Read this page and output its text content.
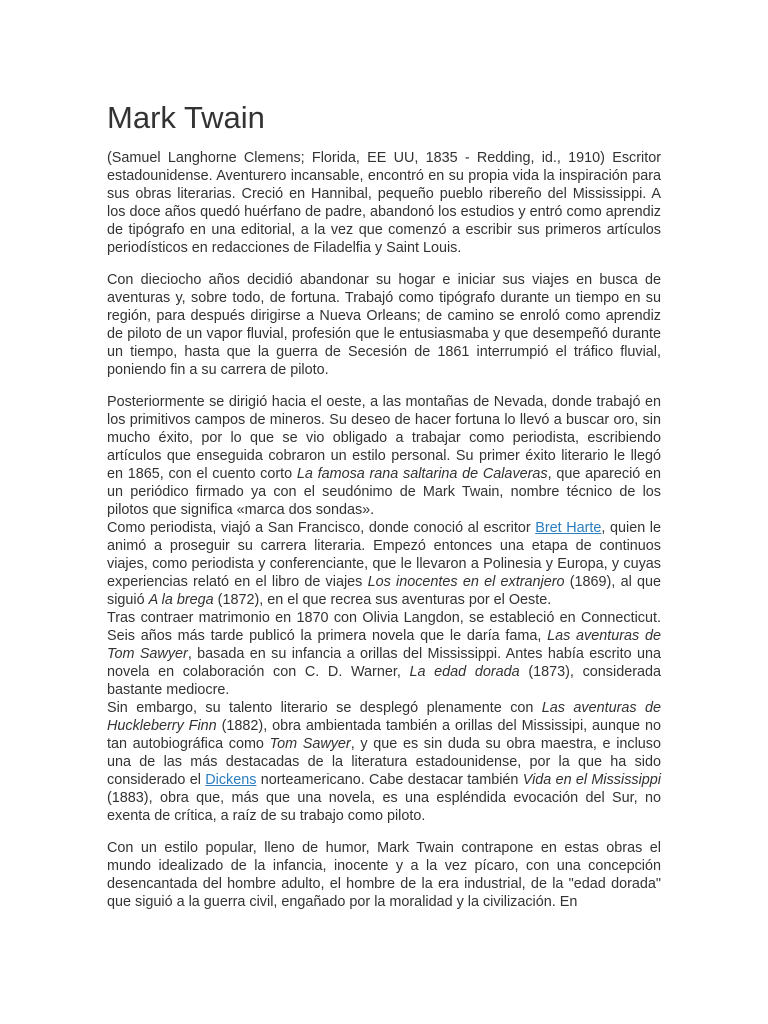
Mark Twain

(Samuel Langhorne Clemens; Florida, EE UU, 1835 - Redding, id., 1910) Escritor estadounidense. Aventurero incansable, encontró en su propia vida la inspiración para sus obras literarias. Creció en Hannibal, pequeño pueblo ribereño del Mississippi. A los doce años quedó huérfano de padre, abandonó los estudios y entró como aprendiz de tipógrafo en una editorial, a la vez que comenzó a escribir sus primeros artículos periodísticos en redacciones de Filadelfia y Saint Louis.

Con dieciocho años decidió abandonar su hogar e iniciar sus viajes en busca de aventuras y, sobre todo, de fortuna. Trabajó como tipógrafo durante un tiempo en su región, para después dirigirse a Nueva Orleans; de camino se enroló como aprendiz de piloto de un vapor fluvial, profesión que le entusiasmaba y que desempeñó durante un tiempo, hasta que la guerra de Secesión de 1861 interrumpió el tráfico fluvial, poniendo fin a su carrera de piloto.

Posteriormente se dirigió hacia el oeste, a las montañas de Nevada, donde trabajó en los primitivos campos de mineros. Su deseo de hacer fortuna lo llevó a buscar oro, sin mucho éxito, por lo que se vio obligado a trabajar como periodista, escribiendo artículos que enseguida cobraron un estilo personal. Su primer éxito literario le llegó en 1865, con el cuento corto La famosa rana saltarina de Calaveras, que apareció en un periódico firmado ya con el seudónimo de Mark Twain, nombre técnico de los pilotos que significa «marca dos sondas».

Como periodista, viajó a San Francisco, donde conoció al escritor Bret Harte, quien le animó a proseguir su carrera literaria. Empezó entonces una etapa de continuos viajes, como periodista y conferenciante, que le llevaron a Polinesia y Europa, y cuyas experiencias relató en el libro de viajes Los inocentes en el extranjero (1869), al que siguió A la brega (1872), en el que recrea sus aventuras por el Oeste.

Tras contraer matrimonio en 1870 con Olivia Langdon, se estableció en Connecticut. Seis años más tarde publicó la primera novela que le daría fama, Las aventuras de Tom Sawyer, basada en su infancia a orillas del Mississippi. Antes había escrito una novela en colaboración con C. D. Warner, La edad dorada (1873), considerada bastante mediocre.

Sin embargo, su talento literario se desplegó plenamente con Las aventuras de Huckleberry Finn (1882), obra ambientada también a orillas del Mississipi, aunque no tan autobiográfica como Tom Sawyer, y que es sin duda su obra maestra, e incluso una de las más destacadas de la literatura estadounidense, por la que ha sido considerado el Dickens norteamericano. Cabe destacar también Vida en el Mississippi (1883), obra que, más que una novela, es una espléndida evocación del Sur, no exenta de crítica, a raíz de su trabajo como piloto.

Con un estilo popular, lleno de humor, Mark Twain contrapone en estas obras el mundo idealizado de la infancia, inocente y a la vez pícaro, con una concepción desencantada del hombre adulto, el hombre de la era industrial, de la "edad dorada" que siguió a la guerra civil, engañado por la moralidad y la civilización. En
